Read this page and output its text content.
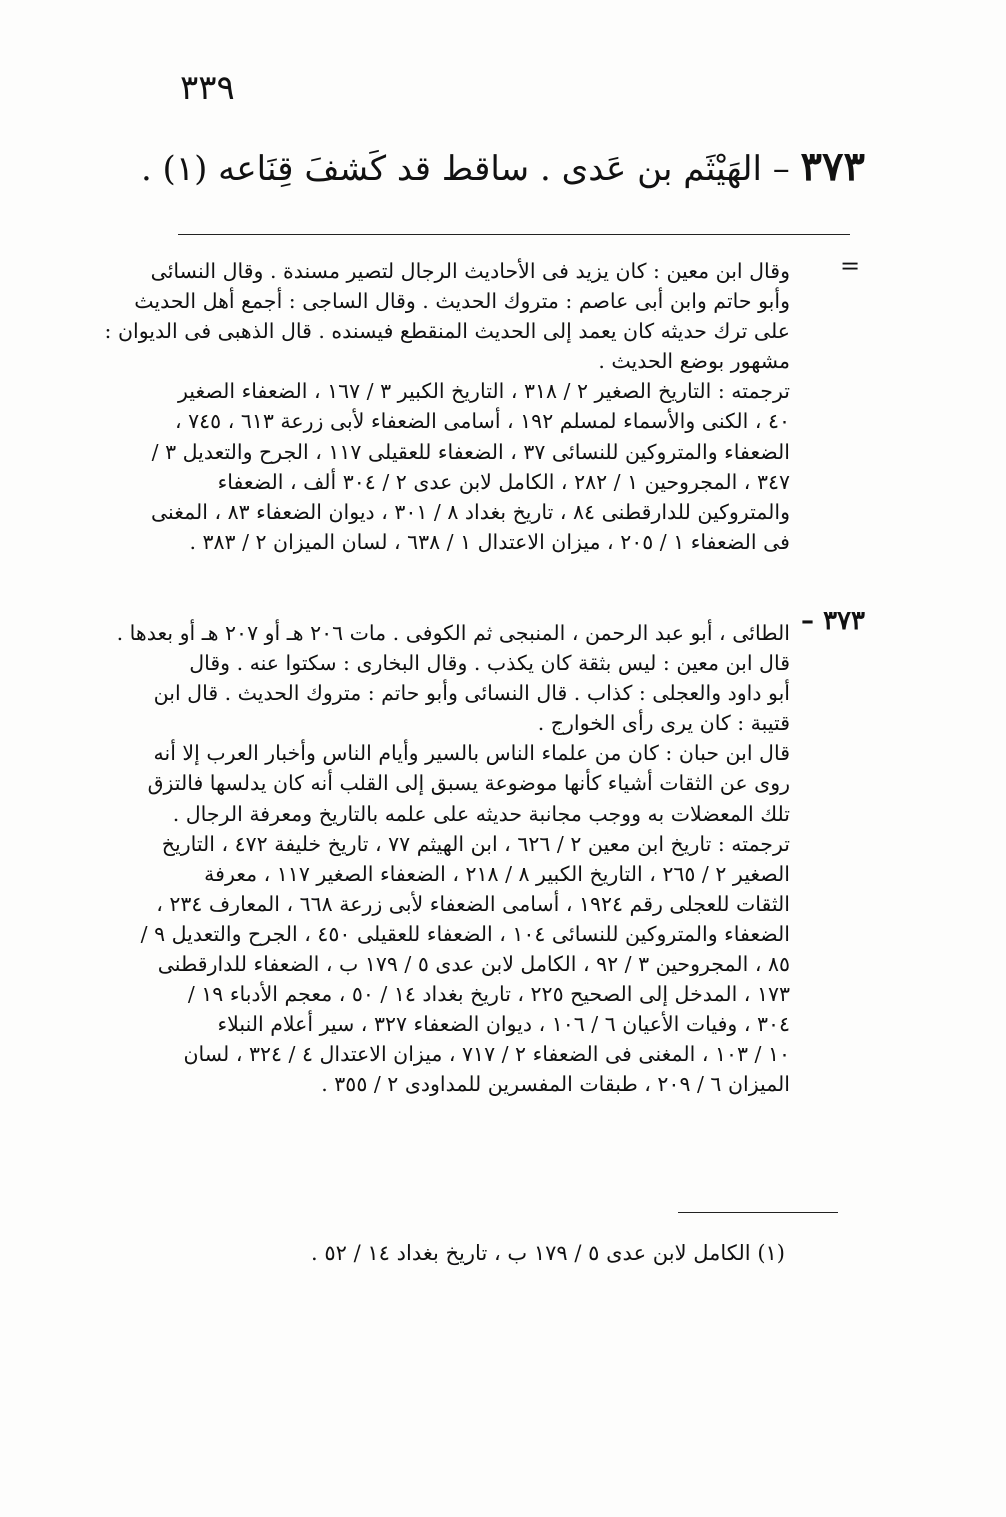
٣٣٩
٣٧٣ – الهَيْثَم بن عَدى . ساقط قد كَشفَ قِنَاعه (١) .
=
وقال ابن معين : كان يزيد فى الأحاديث الرجال لتصير مسندة . وقال النسائى
وأبو حاتم وابن أبى عاصم : متروك الحديث . وقال الساجى : أجمع أهل الحديث
على ترك حديثه كان يعمد إلى الحديث المنقطع فيسنده . قال الذهبى فى الديوان :
مشهور بوضع الحديث .
ترجمته : التاريخ الصغير ٢ / ٣١٨ ، التاريخ الكبير ٣ / ١٦٧ ، الضعفاء الصغير
٤٠ ، الكنى والأسماء لمسلم ١٩٢ ، أسامى الضعفاء لأبى زرعة ٦١٣ ، ٧٤٥ ،
الضعفاء والمتروكين للنسائى ٣٧ ، الضعفاء للعقيلى ١١٧ ، الجرح والتعديل ٣ /
٣٤٧ ، المجروحين ١ / ٢٨٢ ، الكامل لابن عدى ٢ / ٣٠٤ ألف ، الضعفاء
والمتروكين للدارقطنى ٨٤ ، تاريخ بغداد ٨ / ٣٠١ ، ديوان الضعفاء ٨٣ ، المغنى
فى الضعفاء ١ / ٢٠٥ ، ميزان الاعتدال ١ / ٦٣٨ ، لسان الميزان ٢ / ٣٨٣ .
٣٧٣ –
الطائى ، أبو عبد الرحمن ، المنبجى ثم الكوفى . مات ٢٠٦ هـ أو ٢٠٧ هـ أو بعدها .
قال ابن معين : ليس بثقة كان يكذب . وقال البخارى : سكتوا عنه . وقال
أبو داود والعجلى : كذاب . قال النسائى وأبو حاتم : متروك الحديث . قال ابن
قتيبة : كان يرى رأى الخوارج .
قال ابن حبان : كان من علماء الناس بالسير وأيام الناس وأخبار العرب إلا أنه
روى عن الثقات أشياء كأنها موضوعة يسبق إلى القلب أنه كان يدلسها فالتزق
تلك المعضلات به ووجب مجانبة حديثه على علمه بالتاريخ ومعرفة الرجال .
ترجمته : تاريخ ابن معين ٢ / ٦٢٦ ، ابن الهيثم ٧٧ ، تاريخ خليفة ٤٧٢ ، التاريخ
الصغير ٢ / ٢٦٥ ، التاريخ الكبير ٨ / ٢١٨ ، الضعفاء الصغير ١١٧ ، معرفة
الثقات للعجلى رقم ١٩٢٤ ، أسامى الضعفاء لأبى زرعة ٦٦٨ ، المعارف ٢٣٤ ،
الضعفاء والمتروكين للنسائى ١٠٤ ، الضعفاء للعقيلى ٤٥٠ ، الجرح والتعديل ٩ /
٨٥ ، المجروحين ٣ / ٩٢ ، الكامل لابن عدى ٥ / ١٧٩ ب ، الضعفاء للدارقطنى
١٧٣ ، المدخل إلى الصحيح ٢٢٥ ، تاريخ بغداد ١٤ / ٥٠ ، معجم الأدباء ١٩ /
٣٠٤ ، وفيات الأعيان ٦ / ١٠٦ ، ديوان الضعفاء ٣٢٧ ، سير أعلام النبلاء
١٠ / ١٠٣ ، المغنى فى الضعفاء ٢ / ٧١٧ ، ميزان الاعتدال ٤ / ٣٢٤ ، لسان
الميزان ٦ / ٢٠٩ ، طبقات المفسرين للمداودى ٢ / ٣٥٥ .
(١) الكامل لابن عدى ٥ / ١٧٩ ب ، تاريخ بغداد ١٤ / ٥٢ .
